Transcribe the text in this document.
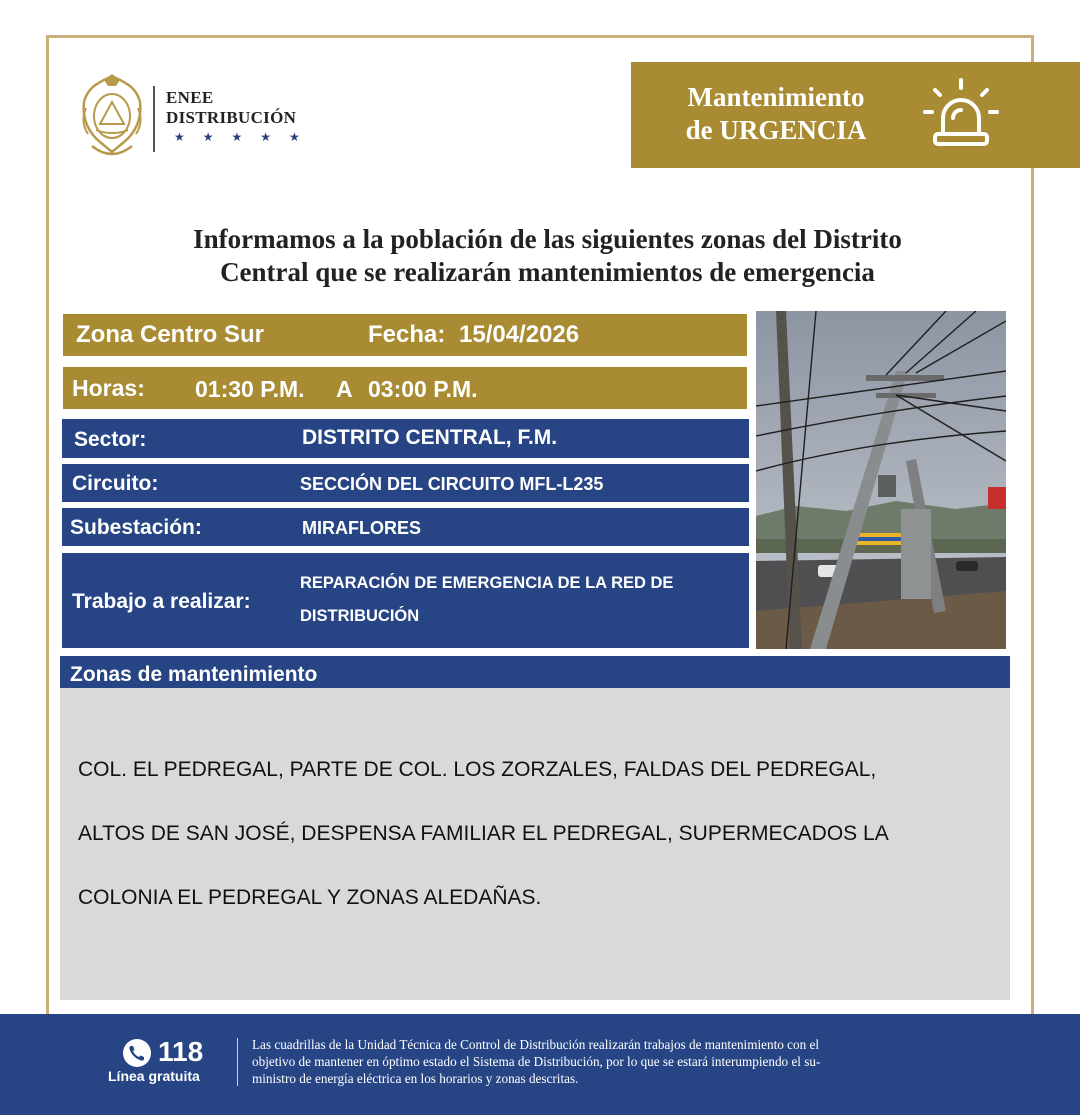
ENEE
DISTRIBUCIÓN
★★★★★
Mantenimiento
de URGENCIA
Informamos a la población de las siguientes zonas del Distrito
Central que se realizarán mantenimientos de emergencia
Zona Centro Sur	Fecha: 15/04/2026
Horas: 01:30 P.M. A 03:00 P.M.
Sector:	DISTRITO CENTRAL, F.M.
Circuito:	SECCIÓN DEL CIRCUITO MFL-L235
Subestación:	MIRAFLORES
Trabajo a realizar:
REPARACIÓN DE EMERGENCIA DE LA RED DE
DISTRIBUCIÓN
Zonas de mantenimiento
COL. EL PEDREGAL, PARTE DE COL. LOS ZORZALES, FALDAS DEL PEDREGAL,
ALTOS DE SAN JOSÉ, DESPENSA FAMILIAR EL PEDREGAL, SUPERMECADOS LA
COLONIA EL PEDREGAL Y ZONAS ALEDAÑAS.
118
Línea gratuita
Las cuadrillas de la Unidad Técnica de Control de Distribución realizarán trabajos de mantenimiento con el
objetivo de mantener en óptimo estado el Sistema de Distribución, por lo que se estará interumpiendo el su-
ministro de energía eléctrica en los horarios y zonas descritas.
